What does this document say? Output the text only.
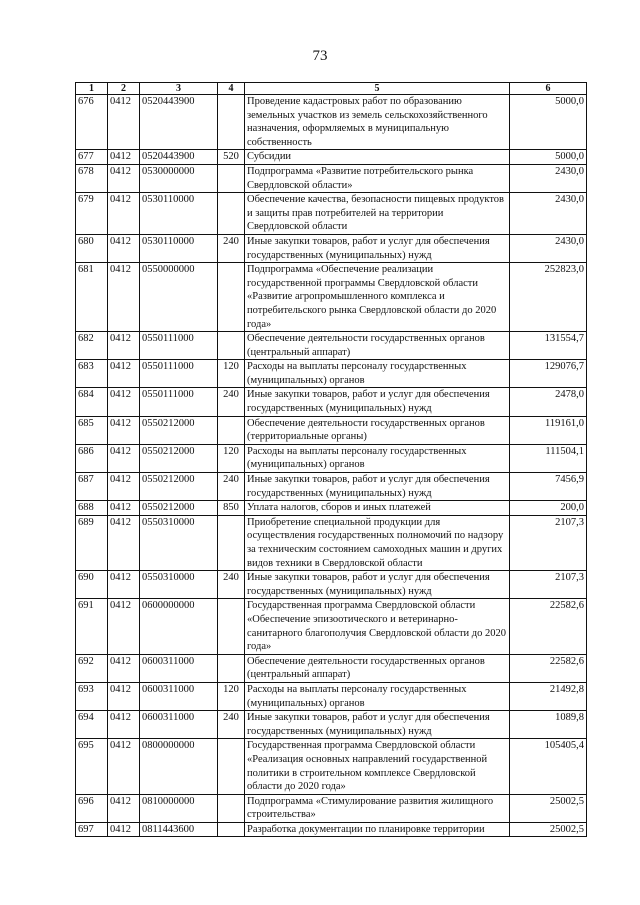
73
1	2	3	4	5	6
676	0412	0520443900		Проведение кадастровых работ по образованию земельных участков из земель сельскохозяйственного назначения, оформляемых в муниципальную собственность	5000,0
677	0412	0520443900	520	Субсидии	5000,0
678	0412	0530000000		Подпрограмма «Развитие потребительского рынка Свердловской области»	2430,0
679	0412	0530110000		Обеспечение качества, безопасности пищевых продуктов и защиты прав потребителей на территории Свердловской области	2430,0
680	0412	0530110000	240	Иные закупки товаров, работ и услуг для обеспечения государственных (муниципальных) нужд	2430,0
681	0412	0550000000		Подпрограмма «Обеспечение реализации государственной программы Свердловской области «Развитие агропромышленного комплекса и потребительского рынка Свердловской области до 2020 года»	252823,0
682	0412	0550111000		Обеспечение деятельности государственных органов (центральный аппарат)	131554,7
683	0412	0550111000	120	Расходы на выплаты персоналу государственных (муниципальных) органов	129076,7
684	0412	0550111000	240	Иные закупки товаров, работ и услуг для обеспечения государственных (муниципальных) нужд	2478,0
685	0412	0550212000		Обеспечение деятельности государственных органов (территориальные органы)	119161,0
686	0412	0550212000	120	Расходы на выплаты персоналу государственных (муниципальных) органов	111504,1
687	0412	0550212000	240	Иные закупки товаров, работ и услуг для обеспечения государственных (муниципальных) нужд	7456,9
688	0412	0550212000	850	Уплата налогов, сборов и иных платежей	200,0
689	0412	0550310000		Приобретение специальной продукции для осуществления государственных полномочий по надзору за техническим состоянием самоходных машин и других видов техники в Свердловской области	2107,3
690	0412	0550310000	240	Иные закупки товаров, работ и услуг для обеспечения государственных (муниципальных) нужд	2107,3
691	0412	0600000000		Государственная программа Свердловской области «Обеспечение эпизоотического и ветеринарно-санитарного благополучия Свердловской области до 2020 года»	22582,6
692	0412	0600311000		Обеспечение деятельности государственных органов (центральный аппарат)	22582,6
693	0412	0600311000	120	Расходы на выплаты персоналу государственных (муниципальных) органов	21492,8
694	0412	0600311000	240	Иные закупки товаров, работ и услуг для обеспечения государственных (муниципальных) нужд	1089,8
695	0412	0800000000		Государственная программа Свердловской области «Реализация основных направлений государственной политики в строительном комплексе Свердловской области до 2020 года»	105405,4
696	0412	0810000000		Подпрограмма «Стимулирование развития жилищного строительства»	25002,5
697	0412	0811443600		Разработка документации по планировке территории	25002,5
